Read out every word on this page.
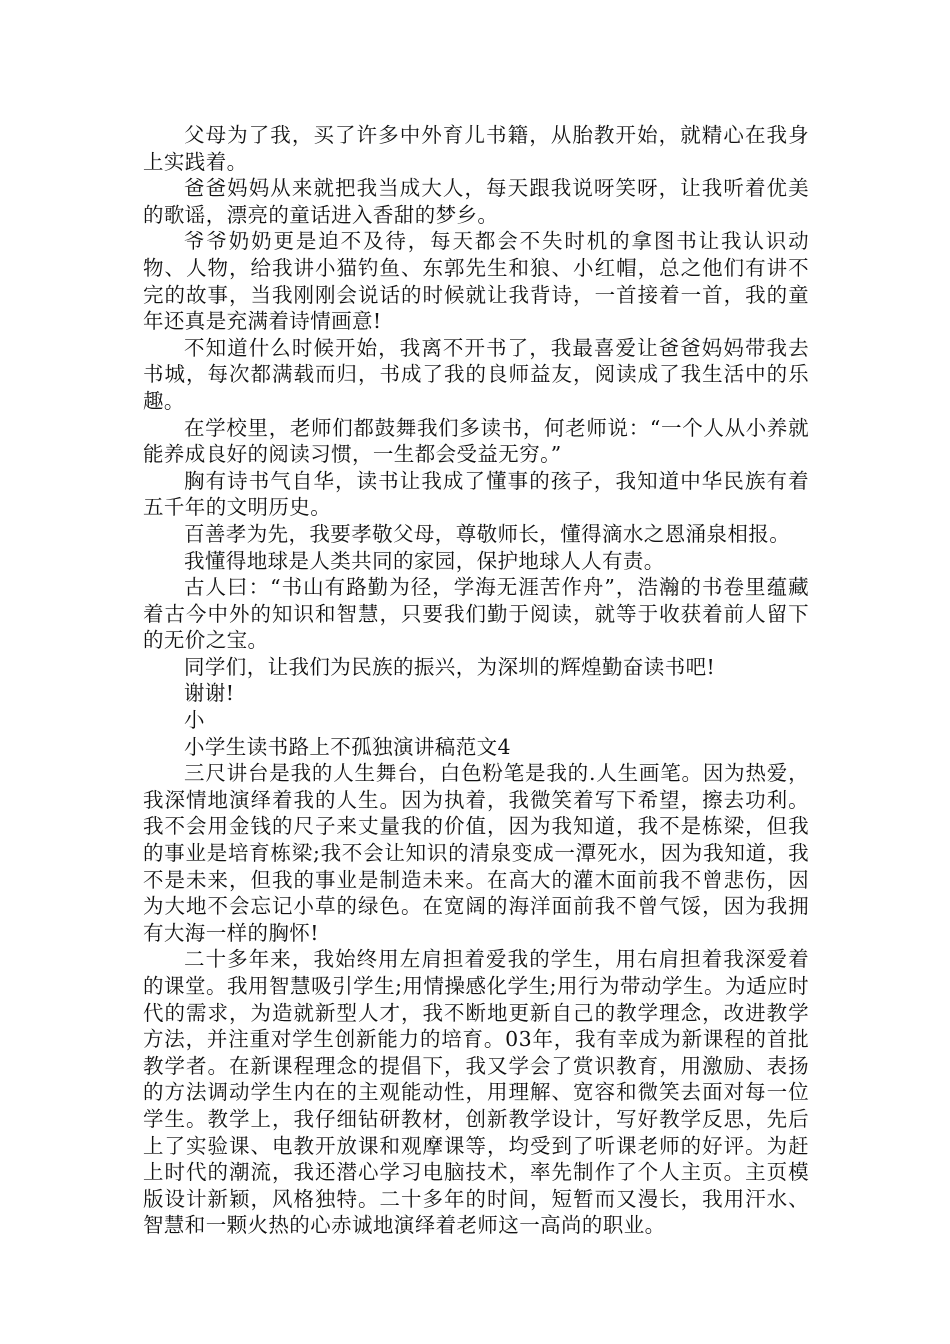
父母为了我，买了许多中外育儿书籍，从胎教开始，就精心在我身上实践着。

爸爸妈妈从来就把我当成大人，每天跟我说呀笑呀，让我听着优美的歌谣，漂亮的童话进入香甜的梦乡。

爷爷奶奶更是迫不及待，每天都会不失时机的拿图书让我认识动物、人物，给我讲小猫钓鱼、东郭先生和狼、小红帽，总之他们有讲不完的故事，当我刚刚会说话的时候就让我背诗，一首接着一首，我的童年还真是充满着诗情画意!

不知道什么时候开始，我离不开书了，我最喜爱让爸爸妈妈带我去书城，每次都满载而归，书成了我的良师益友，阅读成了我生活中的乐趣。

在学校里，老师们都鼓舞我们多读书，何老师说：“一个人从小养就能养成良好的阅读习惯，一生都会受益无穷。”

胸有诗书气自华，读书让我成了懂事的孩子，我知道中华民族有着五千年的文明历史。

百善孝为先，我要孝敬父母，尊敬师长，懂得滴水之恩涌泉相报。

我懂得地球是人类共同的家园，保护地球人人有责。

古人曰：“书山有路勤为径，学海无涯苦作舟”，浩瀚的书卷里蕴藏着古今中外的知识和智慧，只要我们勤于阅读，就等于收获着前人留下的无价之宝。

同学们，让我们为民族的振兴，为深圳的辉煌勤奋读书吧!

谢谢!

小

小学生读书路上不孤独演讲稿范文4

三尺讲台是我的人生舞台，白色粉笔是我的.人生画笔。因为热爱，我深情地演绎着我的人生。因为执着，我微笑着写下希望，擦去功利。我不会用金钱的尺子来丈量我的价值，因为我知道，我不是栋梁，但我的事业是培育栋梁;我不会让知识的清泉变成一潭死水，因为我知道，我不是未来，但我的事业是制造未来。在高大的灌木面前我不曾悲伤，因为大地不会忘记小草的绿色。在宽阔的海洋面前我不曾气馁，因为我拥有大海一样的胸怀!

二十多年来，我始终用左肩担着爱我的学生，用右肩担着我深爱着的课堂。我用智慧吸引学生;用情操感化学生;用行为带动学生。为适应时代的需求，为造就新型人才，我不断地更新自己的教学理念，改进教学方法，并注重对学生创新能力的培育。03年，我有幸成为新课程的首批教学者。在新课程理念的提倡下，我又学会了赏识教育，用激励、表扬的方法调动学生内在的主观能动性，用理解、宽容和微笑去面对每一位学生。教学上，我仔细钻研教材，创新教学设计，写好教学反思，先后上了实验课、电教开放课和观摩课等，均受到了听课老师的好评。为赶上时代的潮流，我还潜心学习电脑技术，率先制作了个人主页。主页模版设计新颖，风格独特。二十多年的时间，短暂而又漫长，我用汗水、智慧和一颗火热的心赤诚地演绎着老师这一高尚的职业。
